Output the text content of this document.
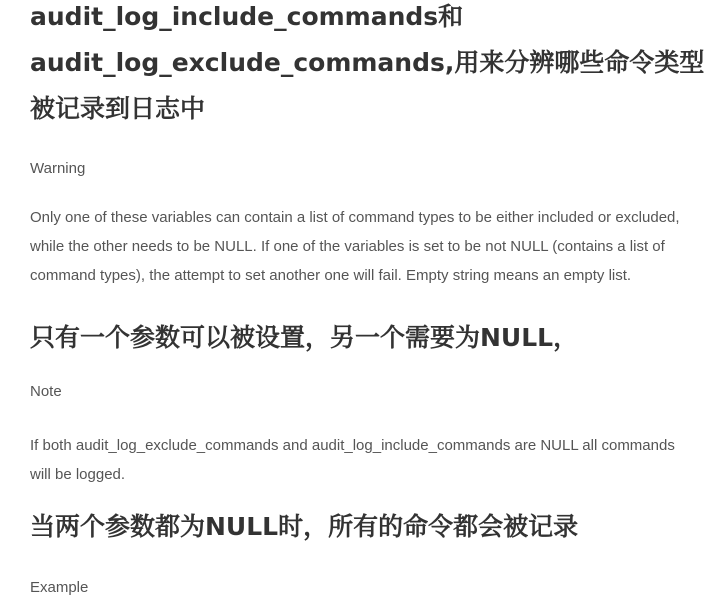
audit_log_include_commands和 audit_log_exclude_commands,用来分辨哪些命令类型被记录到日志中
Warning

Only one of these variables can contain a list of command types to be either included or excluded, while the other needs to be NULL. If one of the variables is set to be not NULL (contains a list of command types), the attempt to set another one will fail. Empty string means an empty list.

只有一个参数可以被设置，另一个需要为NULL，
Note

If both audit_log_exclude_commands and audit_log_include_commands are NULL all commands will be logged.

当两个参数都为NULL时，所有的命令都会被记录
Example
